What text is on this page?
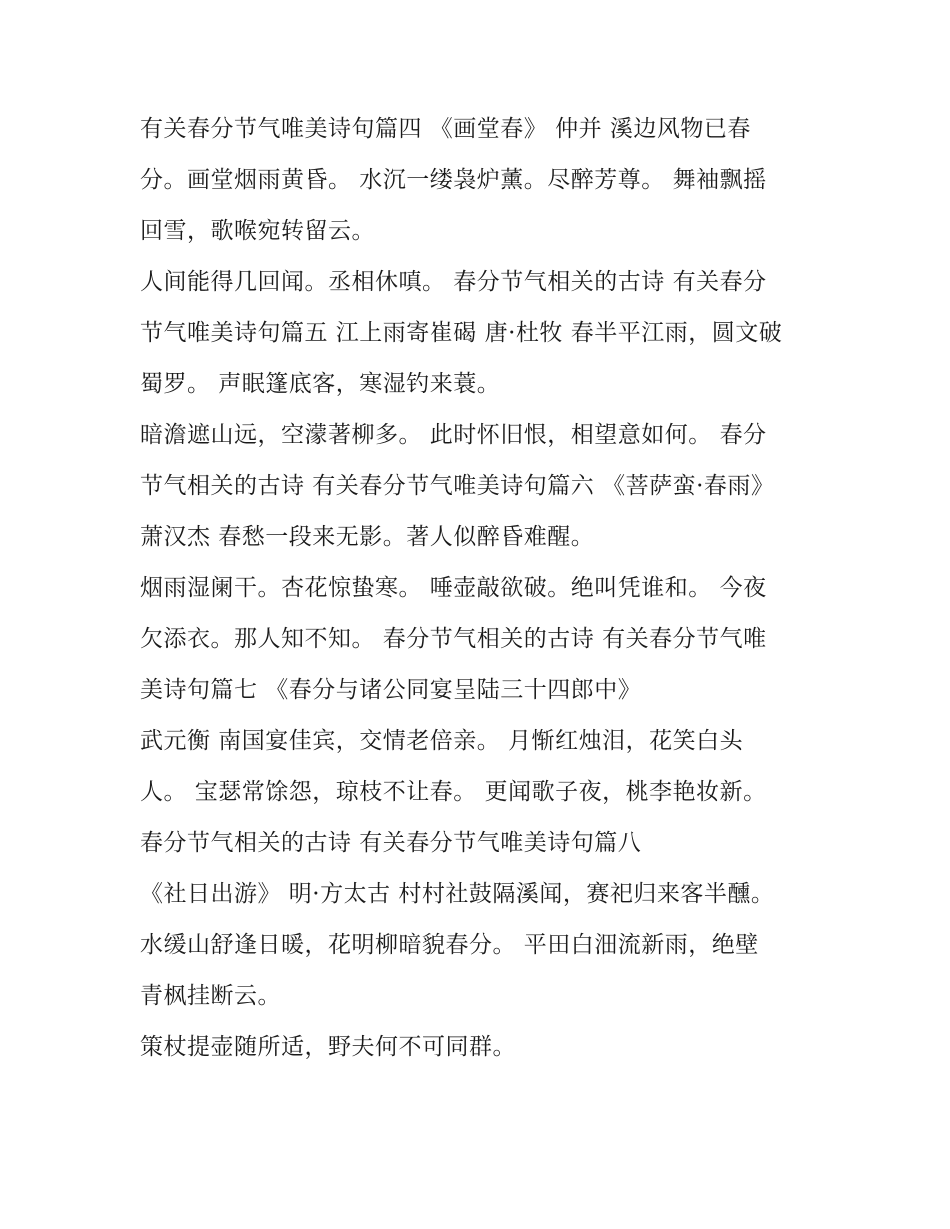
有关春分节气唯美诗句篇四 《画堂春》 仲并 溪边风物已春
分。画堂烟雨黄昏。 水沉一缕袅炉薰。尽醉芳尊。 舞袖飘摇
回雪，歌喉宛转留云。
人间能得几回闻。丞相休嗔。 春分节气相关的古诗 有关春分
节气唯美诗句篇五 江上雨寄崔碣 唐·杜牧 春半平江雨，圆文破
蜀罗。 声眠篷底客，寒湿钓来蓑。
暗澹遮山远，空濛著柳多。 此时怀旧恨，相望意如何。 春分
节气相关的古诗 有关春分节气唯美诗句篇六 《菩萨蛮·春雨》
萧汉杰 春愁一段来无影。著人似醉昏难醒。
烟雨湿阑干。杏花惊蛰寒。 唾壶敲欲破。绝叫凭谁和。 今夜
欠添衣。那人知不知。 春分节气相关的古诗 有关春分节气唯
美诗句篇七 《春分与诸公同宴呈陆三十四郎中》
武元衡 南国宴佳宾，交情老倍亲。 月惭红烛泪，花笑白头
人。 宝瑟常馀怨，琼枝不让春。 更闻歌子夜，桃李艳妆新。
春分节气相关的古诗 有关春分节气唯美诗句篇八
《社日出游》 明·方太古 村村社鼓隔溪闻，赛祀归来客半醺。
水缓山舒逢日暖，花明柳暗貌春分。 平田白沺流新雨，绝壁
青枫挂断云。
策杖提壶随所适，野夫何不可同群。
